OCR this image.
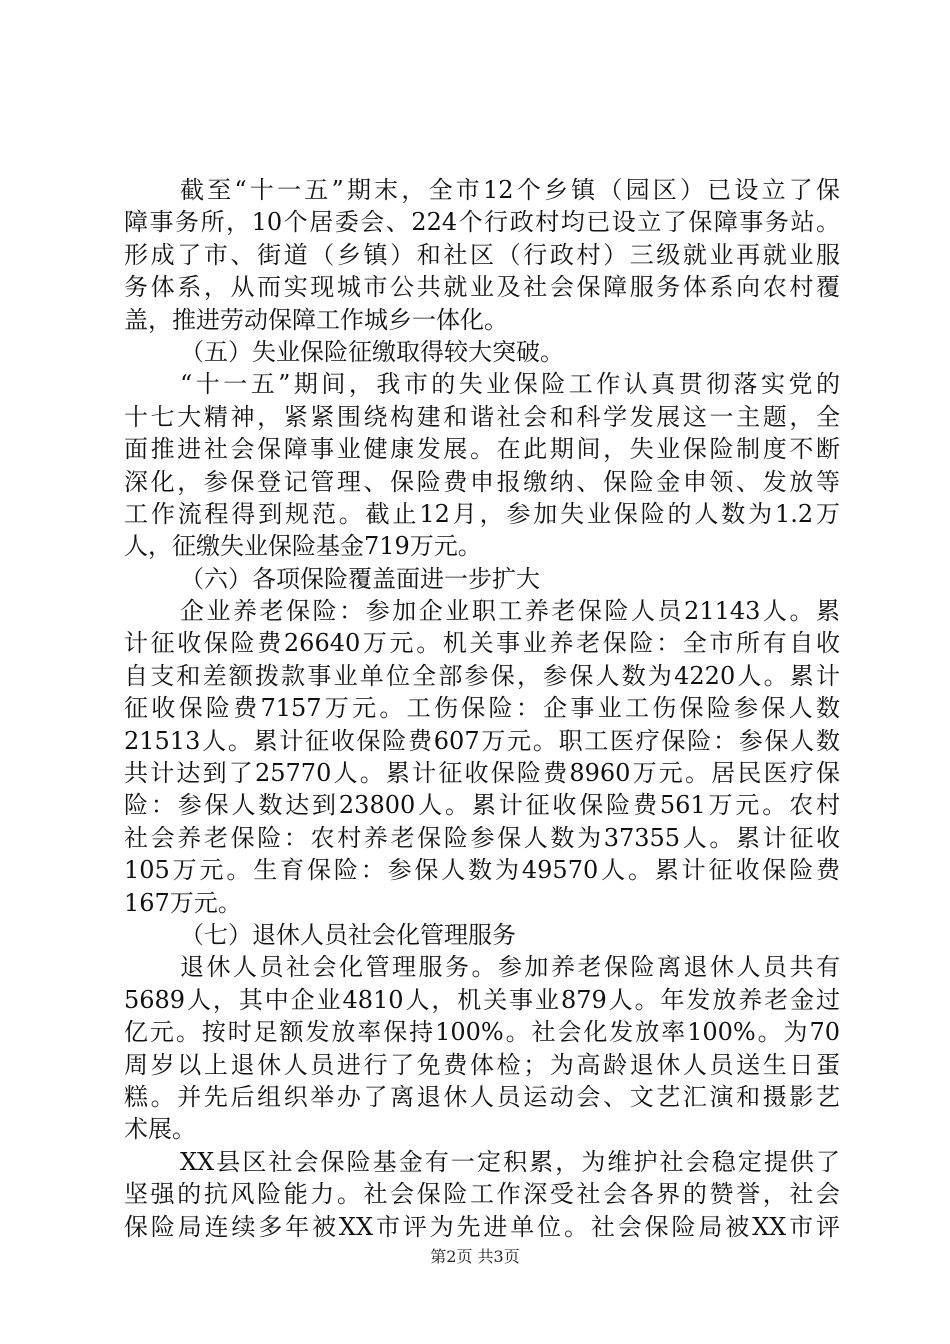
截至“十一五”期末，全市12个乡镇（园区）已设立了保
障事务所，10个居委会、224个行政村均已设立了保障事务站。
形成了市、街道（乡镇）和社区（行政村）三级就业再就业服
务体系，从而实现城市公共就业及社会保障服务体系向农村覆
盖，推进劳动保障工作城乡一体化。
（五）失业保险征缴取得较大突破。
“十一五”期间，我市的失业保险工作认真贯彻落实党的
十七大精神，紧紧围绕构建和谐社会和科学发展这一主题，全
面推进社会保障事业健康发展。在此期间，失业保险制度不断
深化，参保登记管理、保险费申报缴纳、保险金申领、发放等
工作流程得到规范。截止12月，参加失业保险的人数为1.2万
人，征缴失业保险基金719万元。
（六）各项保险覆盖面进一步扩大
企业养老保险：参加企业职工养老保险人员21143人。累
计征收保险费26640万元。机关事业养老保险：全市所有自收
自支和差额拨款事业单位全部参保，参保人数为4220人。累计
征收保险费7157万元。工伤保险：企事业工伤保险参保人数
21513人。累计征收保险费607万元。职工医疗保险：参保人数
共计达到了25770人。累计征收保险费8960万元。居民医疗保
险：参保人数达到23800人。累计征收保险费561万元。农村
社会养老保险：农村养老保险参保人数为37355人。累计征收
105万元。生育保险：参保人数为49570人。累计征收保险费
167万元。
（七）退休人员社会化管理服务
退休人员社会化管理服务。参加养老保险离退休人员共有
5689人，其中企业4810人，机关事业879人。年发放养老金过
亿元。按时足额发放率保持100%。社会化发放率100%。为70
周岁以上退休人员进行了免费体检；为高龄退休人员送生日蛋
糕。并先后组织举办了离退休人员运动会、文艺汇演和摄影艺
术展。
XX县区社会保险基金有一定积累，为维护社会稳定提供了
坚强的抗风险能力。社会保险工作深受社会各界的赞誉，社会
保险局连续多年被XX市评为先进单位。社会保险局被XX市评
第2页 共3页
